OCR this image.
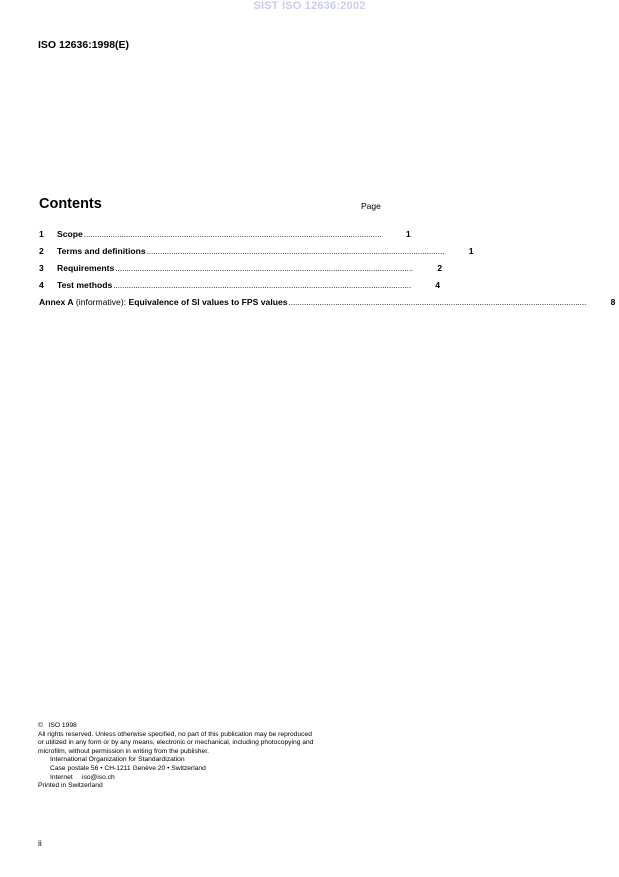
SIST ISO 12636:2002
ISO 12636:1998(E)
Contents	Page
1	Scope ......................................................................................................................................	1
2	Terms and definitions ......................................................................................................................................	1
3	Requirements ......................................................................................................................................	2
4	Test methods ......................................................................................................................................	4
Annex A (informative): Equivalence of SI values to FPS values ......................................................................................................................................	8
©   ISO 1998
All rights reserved. Unless otherwise specified, no part of this publication may be reproduced
or utilized in any form or by any means, electronic or mechanical, including photocopying and
microfilm, without permission in writing from the publisher.
International Organization for Standardization
Case postale 56 • CH-1211 Genève 20 • Switzerland
Internet     iso@iso.ch
Printed in Switzerland
ii
